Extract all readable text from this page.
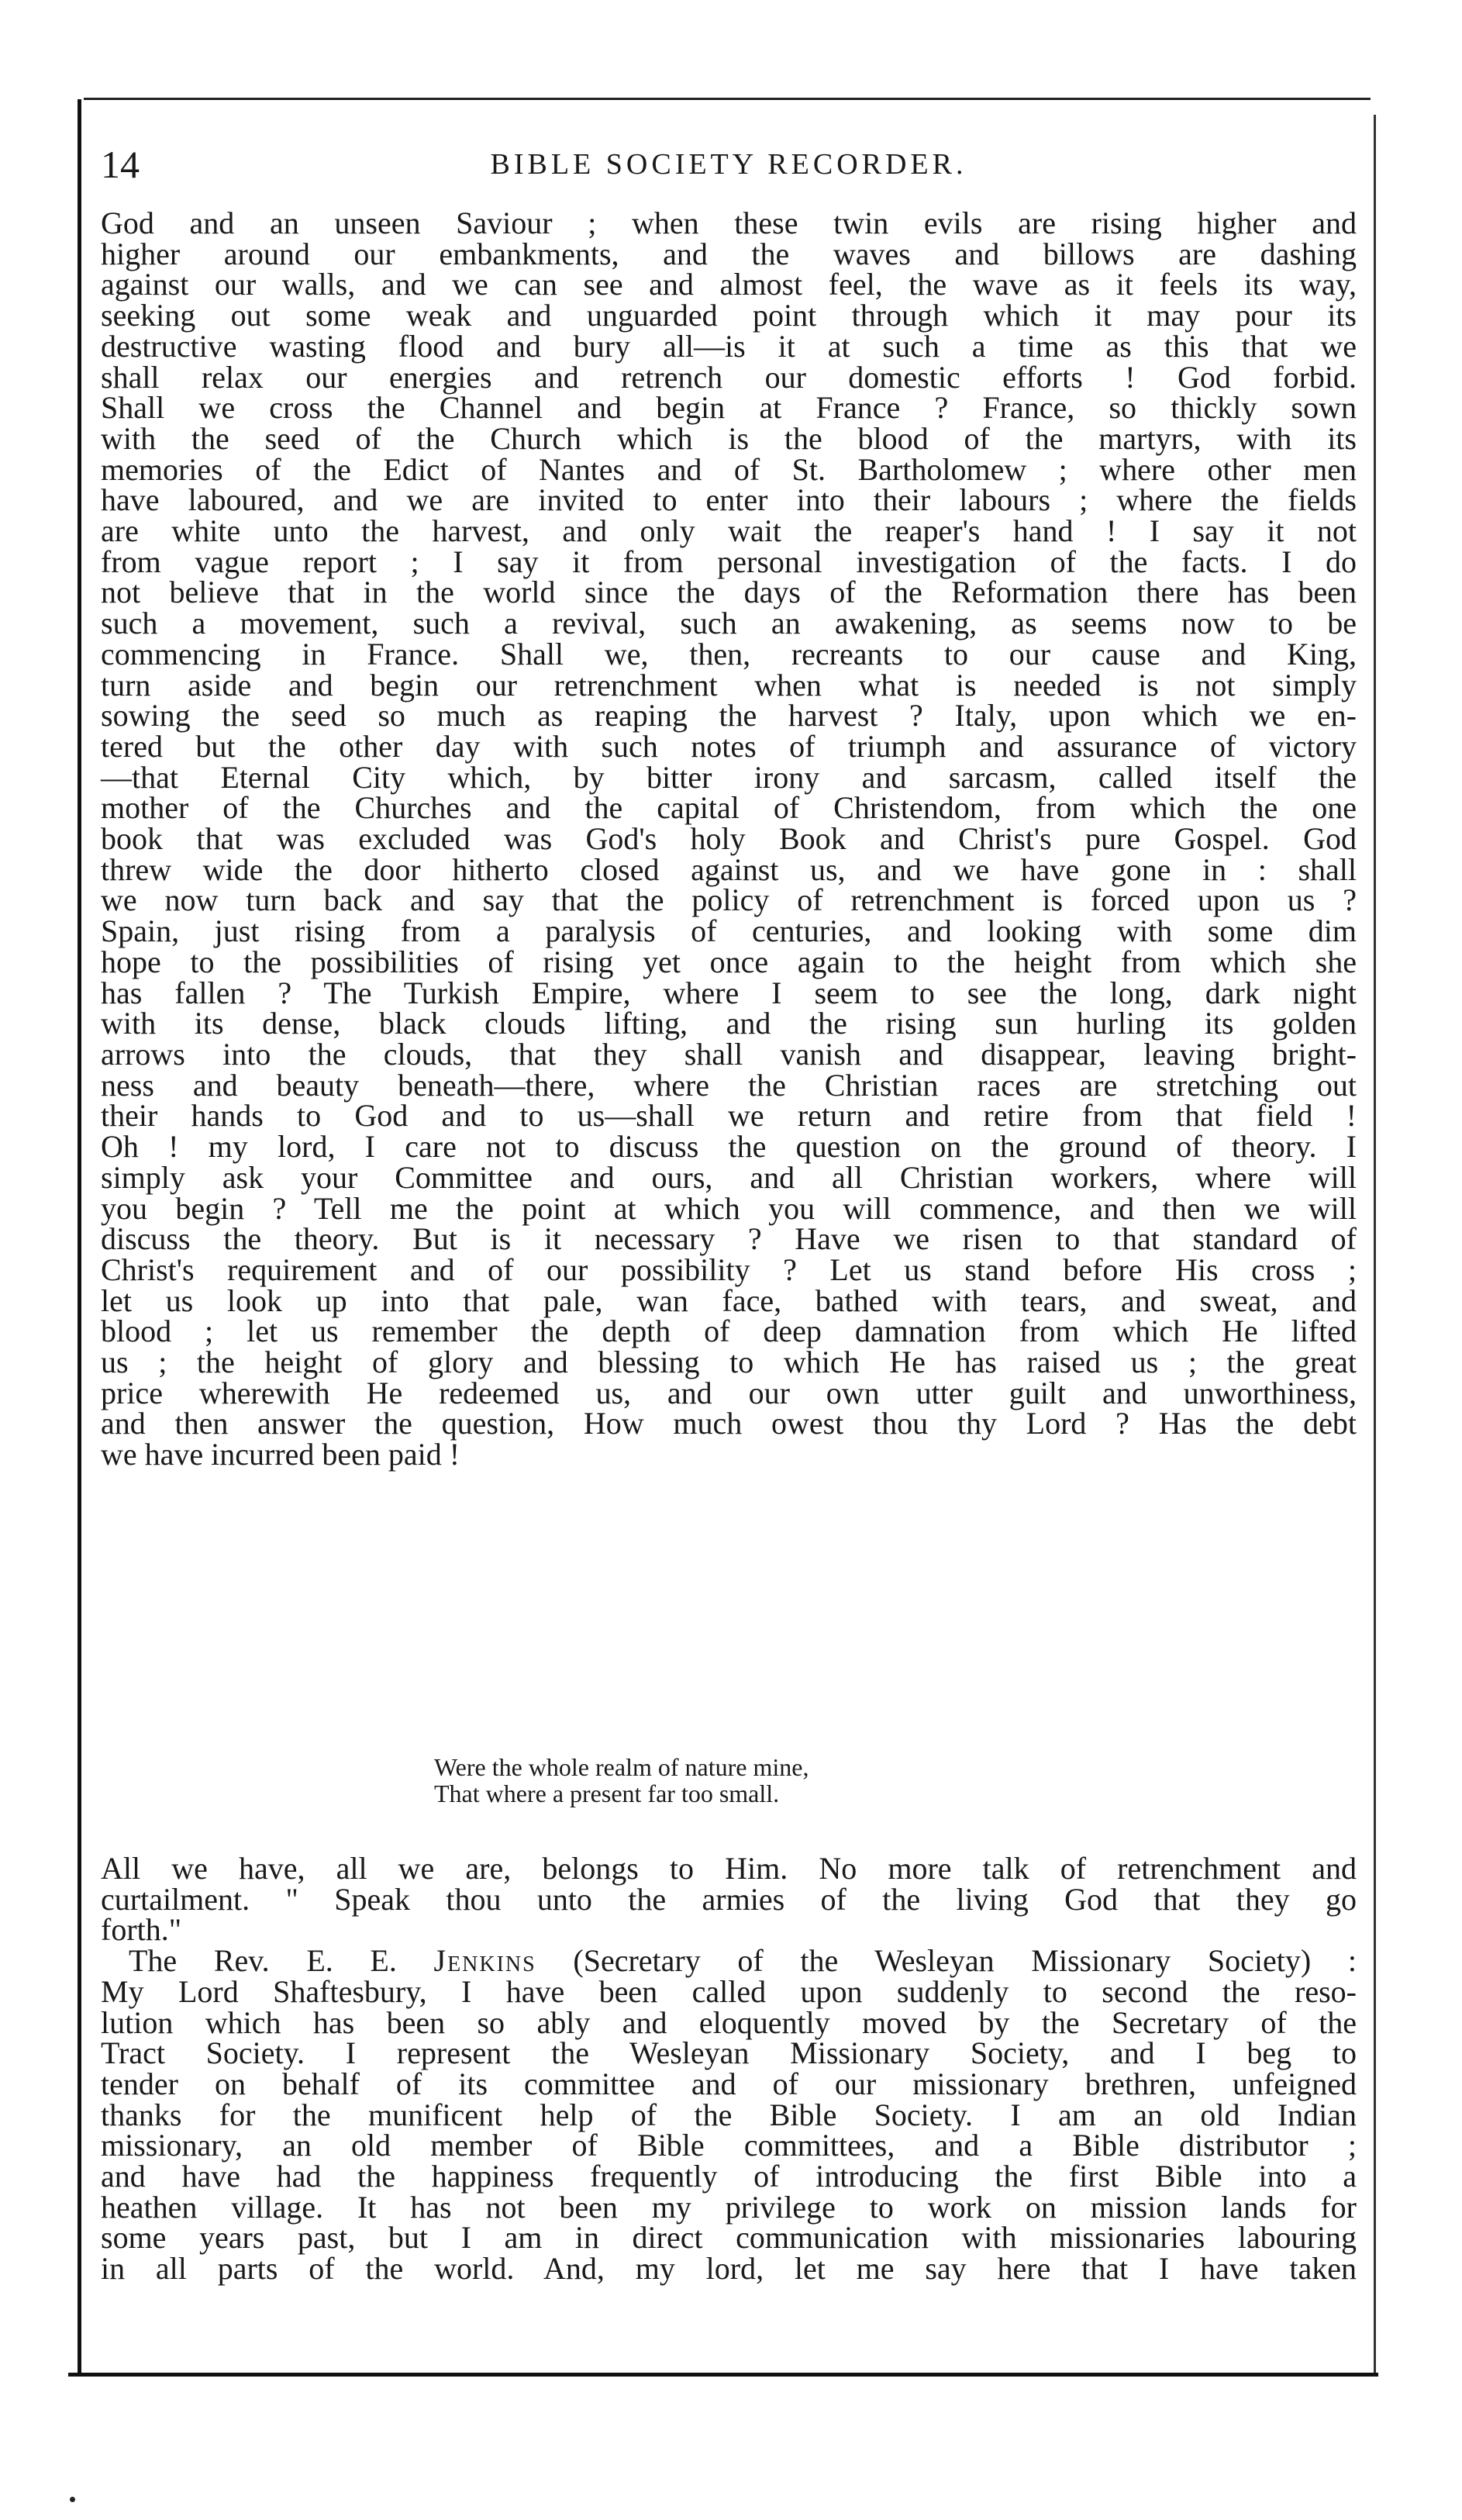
14	BIBLE SOCIETY RECORDER.

God and an unseen Saviour ; when these twin evils are rising higher and
higher around our embankments, and the waves and billows are dashing
against our walls, and we can see and almost feel, the wave as it feels its way,
seeking out some weak and unguarded point through which it may pour its
destructive wasting flood and bury all—is it at such a time as this that we
shall relax our energies and retrench our domestic efforts ! God forbid.
Shall we cross the Channel and begin at France ? France, so thickly sown
with the seed of the Church which is the blood of the martyrs, with its
memories of the Edict of Nantes and of St. Bartholomew ; where other men
have laboured, and we are invited to enter into their labours ; where the fields
are white unto the harvest, and only wait the reaper's hand ! I say it not
from vague report ; I say it from personal investigation of the facts. I do
not believe that in the world since the days of the Reformation there has been
such a movement, such a revival, such an awakening, as seems now to be
commencing in France. Shall we, then, recreants to our cause and King,
turn aside and begin our retrenchment when what is needed is not simply
sowing the seed so much as reaping the harvest ? Italy, upon which we en-
tered but the other day with such notes of triumph and assurance of victory
—that Eternal City which, by bitter irony and sarcasm, called itself the
mother of the Churches and the capital of Christendom, from which the one
book that was excluded was God's holy Book and Christ's pure Gospel. God
threw wide the door hitherto closed against us, and we have gone in : shall
we now turn back and say that the policy of retrenchment is forced upon us ?
Spain, just rising from a paralysis of centuries, and looking with some dim
hope to the possibilities of rising yet once again to the height from which she
has fallen ? The Turkish Empire, where I seem to see the long, dark night
with its dense, black clouds lifting, and the rising sun hurling its golden
arrows into the clouds, that they shall vanish and disappear, leaving bright-
ness and beauty beneath—there, where the Christian races are stretching out
their hands to God and to us—shall we return and retire from that field !
Oh ! my lord, I care not to discuss the question on the ground of theory. I
simply ask your Committee and ours, and all Christian workers, where will
you begin ? Tell me the point at which you will commence, and then we will
discuss the theory. But is it necessary ? Have we risen to that standard of
Christ's requirement and of our possibility ? Let us stand before His cross ;
let us look up into that pale, wan face, bathed with tears, and sweat, and
blood ; let us remember the depth of deep damnation from which He lifted
us ; the height of glory and blessing to which He has raised us ; the great
price wherewith He redeemed us, and our own utter guilt and unworthiness,
and then answer the question, How much owest thou thy Lord ? Has the debt
we have incurred been paid !

Were the whole realm of nature mine,
That where a present far too small.

All we have, all we are, belongs to Him. No more talk of retrenchment and
curtailment. " Speak thou unto the armies of the living God that they go
forth."

The Rev. E. E. Jenkins (Secretary of the Wesleyan Missionary Society) :
My Lord Shaftesbury, I have been called upon suddenly to second the reso-
lution which has been so ably and eloquently moved by the Secretary of the
Tract Society. I represent the Wesleyan Missionary Society, and I beg to
tender on behalf of its committee and of our missionary brethren, unfeigned
thanks for the munificent help of the Bible Society. I am an old Indian
missionary, an old member of Bible committees, and a Bible distributor ;
and have had the happiness frequently of introducing the first Bible into a
heathen village. It has not been my privilege to work on mission lands for
some years past, but I am in direct communication with missionaries labouring
in all parts of the world. And, my lord, let me say here that I have taken
